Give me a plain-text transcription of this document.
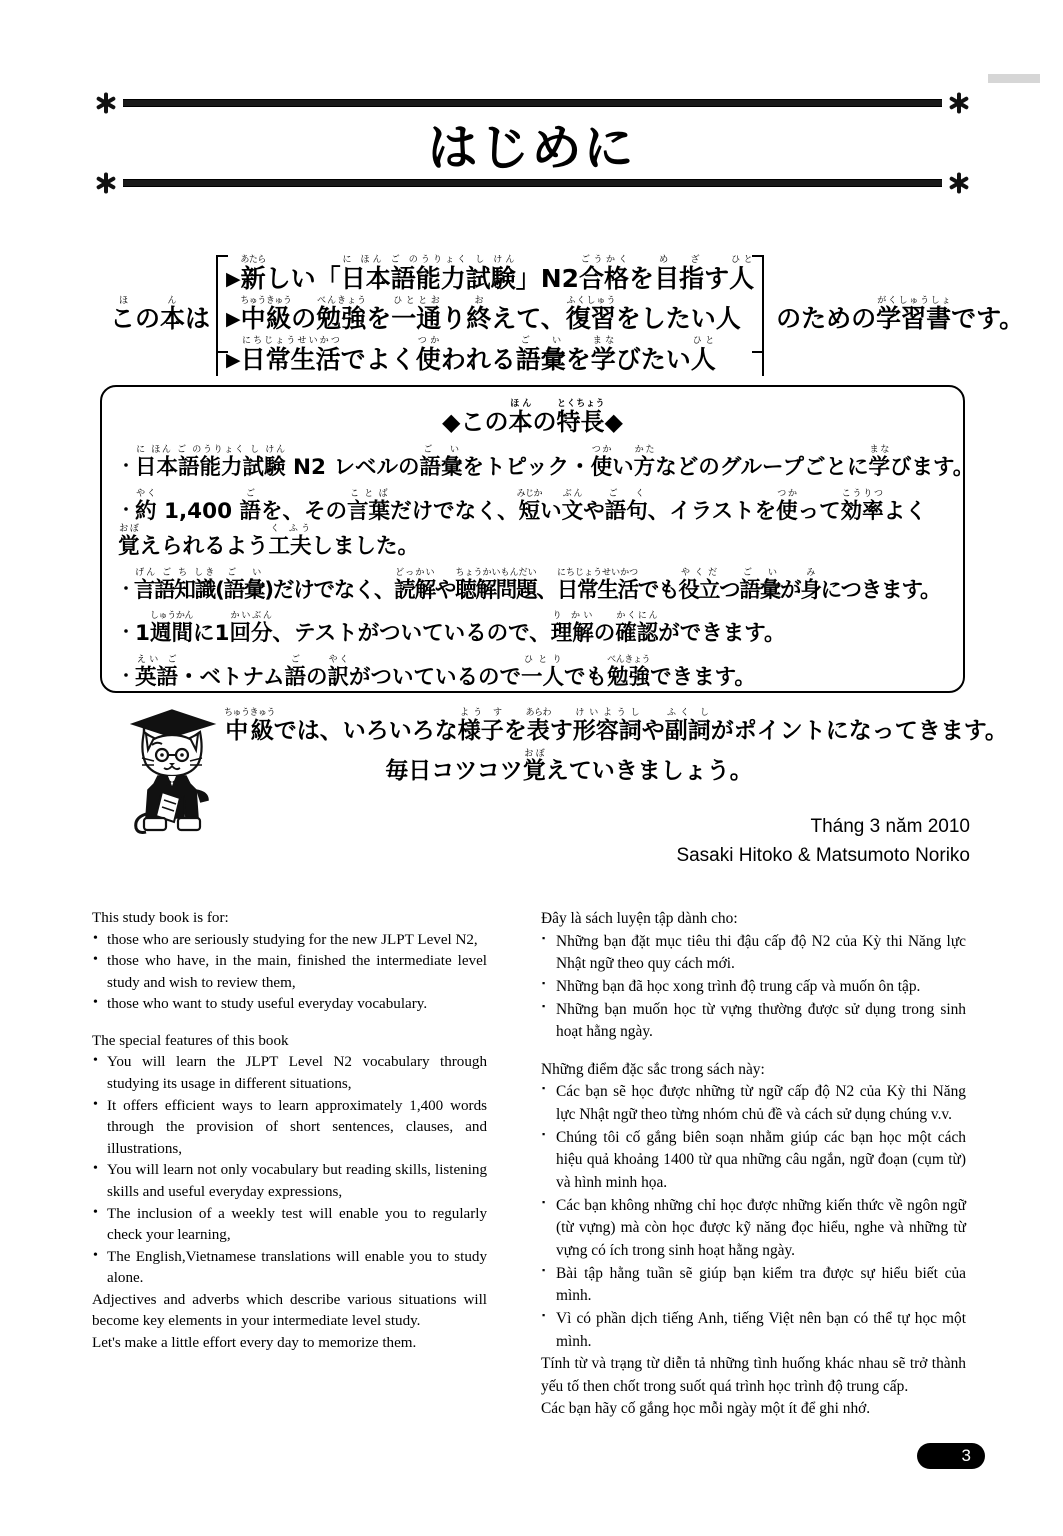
はじめに
この本ほんは
▶新あたらしい「日本語能力試験に ほん ご のうりょく し けん」N2合格ごうかくを目指め ざす人ひと
▶中級ちゅうきゅうの勉強べんきょうを一通ひととおり終おえて、復習ふくしゅうをしたい人
▶日常生活にちじょうせいかつでよく使つかわれる語彙ご いを学まなびたい人ひと
のための学習書がくしゅうしょです。
◆この本ほんの特長とくちょう◆
・日本語能力試験に ほん ご のうりょく し けん N2 レベルの語彙ご いをトピック・使つかい方かたなどのグループごとに学まなびます。
・約やく 1,400 語ごを、その言葉ことばだけでなく、短みじかい文ぶんや語句ご く、イラストを使つかって効率こうりつよく覚おぼえられるよう工夫く ふうしました。
・言語知識げん ご ち しき(語彙ご い)だけでなく、読解どっかいや聴解問題ちょうかいもんだい、日常生活にちじょうせいかつでも役立やくだつ語彙ご いが身みにつきます。
・1週間しゅうかんに1回分かいぶん、テストがついているので、理解り かいの確認かくにんができます。
・英語えい ご・ベトナム語ごの訳やくがついているので一人ひとりでも勉強べんきょうできます。
中級ちゅうきゅうでは、いろいろな様子よう すを表あらわす形容詞けいようしや副詞ふく しがポイントになってきます。
毎日コツコツ覚おぼえていきましょう。
Tháng 3 năm 2010
Sasaki Hitoko & Matsumoto Noriko
This study book is for:
• those who are seriously studying for the new JLPT Level N2,
• those who have, in the main, finished the intermediate level study and wish to review them,
• those who want to study useful everyday vocabulary.
The special features of this book
• You will learn the JLPT Level N2 vocabulary through studying its usage in different situations,
• It offers efficient ways to learn approximately 1,400 words through the provision of short sentences, clauses, and illustrations,
• You will learn not only vocabulary but reading skills, listening skills and useful everyday expressions,
• The inclusion of a weekly test will enable you to regularly check your learning,
• The English,Vietnamese translations will enable you to study alone.
Adjectives and adverbs which describe various situations will become key elements in your intermediate level study.
Let's make a little effort every day to memorize them.
Đây là sách luyện tập dành cho:
▪ Những bạn đặt mục tiêu thi đậu cấp độ N2 của Kỳ thi Năng lực Nhật ngữ theo quy cách mới.
▪ Những bạn đã học xong trình độ trung cấp và muốn ôn tập.
▪ Những bạn muốn học từ vựng thường được sử dụng trong sinh hoạt hằng ngày.
Những điểm đặc sắc trong sách này:
▪ Các bạn sẽ học được những từ ngữ cấp độ N2 của Kỳ thi Năng lực Nhật ngữ theo từng nhóm chủ đề và cách sử dụng chúng v.v.
▪ Chúng tôi cố gắng biên soạn nhằm giúp các bạn học một cách hiệu quả khoảng 1400 từ qua những câu ngắn, ngữ đoạn (cụm từ) và hình minh họa.
▪ Các bạn không những chỉ học được những kiến thức về ngôn ngữ (từ vựng) mà còn học được kỹ năng đọc hiểu, nghe và những từ vựng có ích trong sinh hoạt hằng ngày.
▪ Bài tập hằng tuần sẽ giúp bạn kiểm tra được sự hiểu biết của mình.
▪ Vì có phần dịch tiếng Anh, tiếng Việt nên bạn có thể tự học một mình.
Tính từ và trạng từ diễn tả những tình huống khác nhau sẽ trở thành yếu tố then chốt trong suốt quá trình học trình độ trung cấp.
Các bạn hãy cố gắng học mỗi ngày một ít để ghi nhớ.
3
